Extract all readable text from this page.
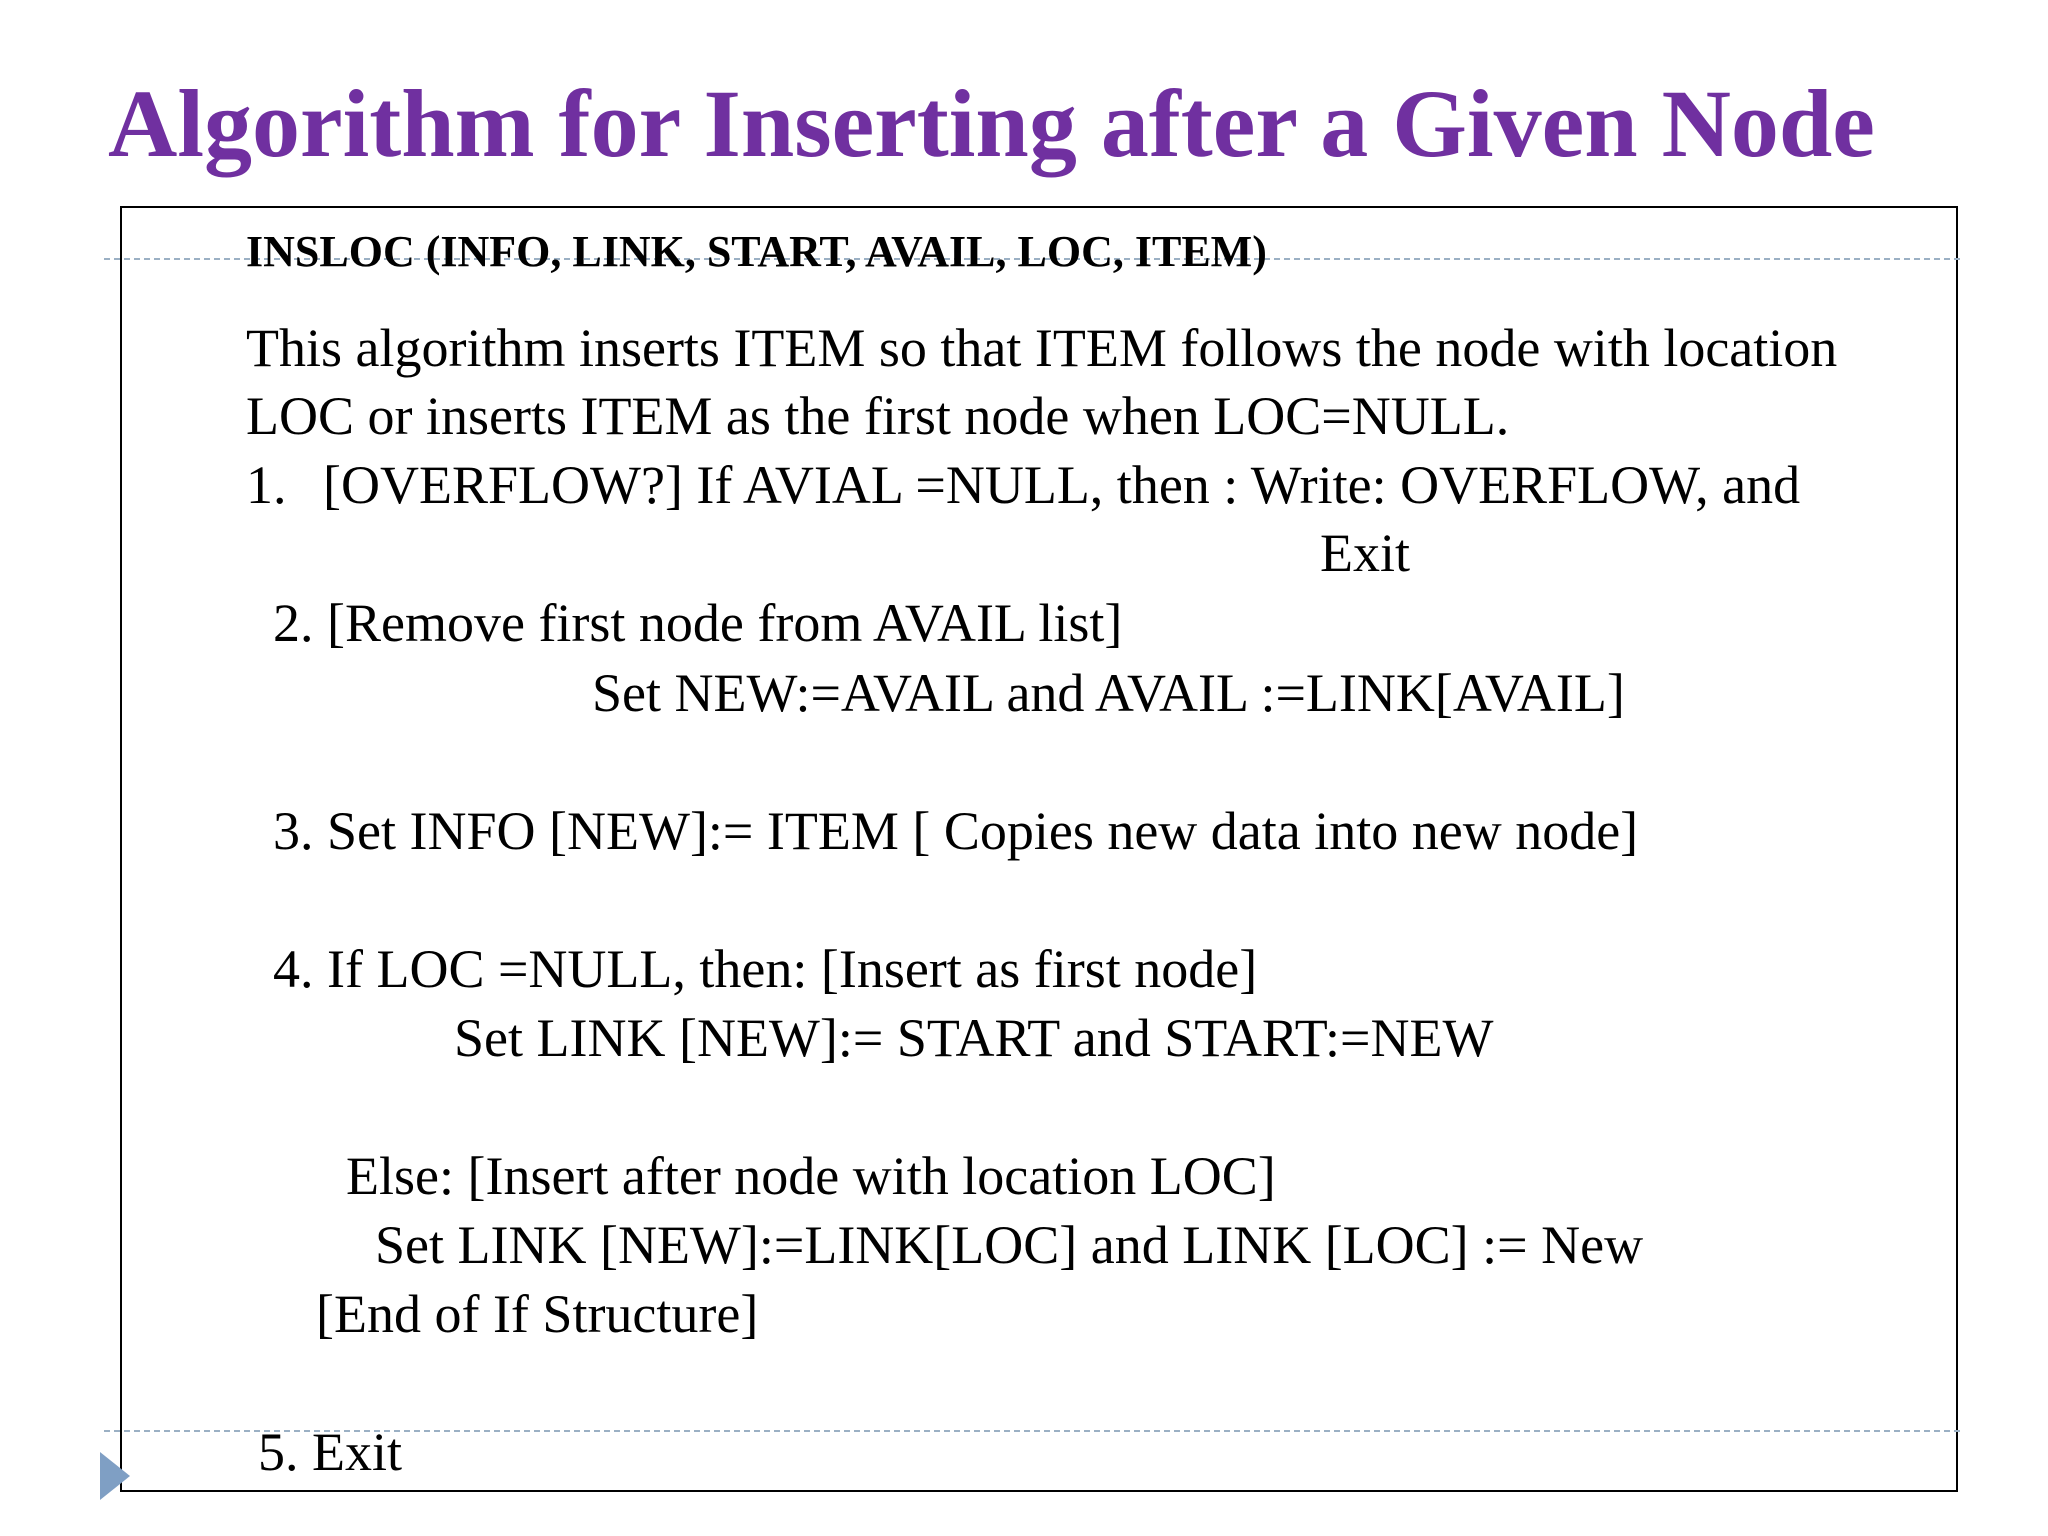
Algorithm for Inserting after a Given Node

INSLOC (INFO, LINK, START, AVAIL, LOC, ITEM)

This algorithm inserts ITEM so that ITEM follows the node with location

LOC or inserts ITEM as the first node when LOC=NULL.

1. [OVERFLOW?] If AVIAL =NULL, then : Write: OVERFLOW, and

Exit

2. [Remove first node from AVAIL list]

Set NEW:=AVAIL and AVAIL :=LINK[AVAIL]

3. Set INFO [NEW]:= ITEM [ Copies new data into new node]

4. If LOC =NULL, then: [Insert as first node]

Set LINK [NEW]:= START and START:=NEW

Else: [Insert after node with location LOC]

Set LINK [NEW]:=LINK[LOC] and LINK [LOC] := New

[End of If Structure]

5. Exit
